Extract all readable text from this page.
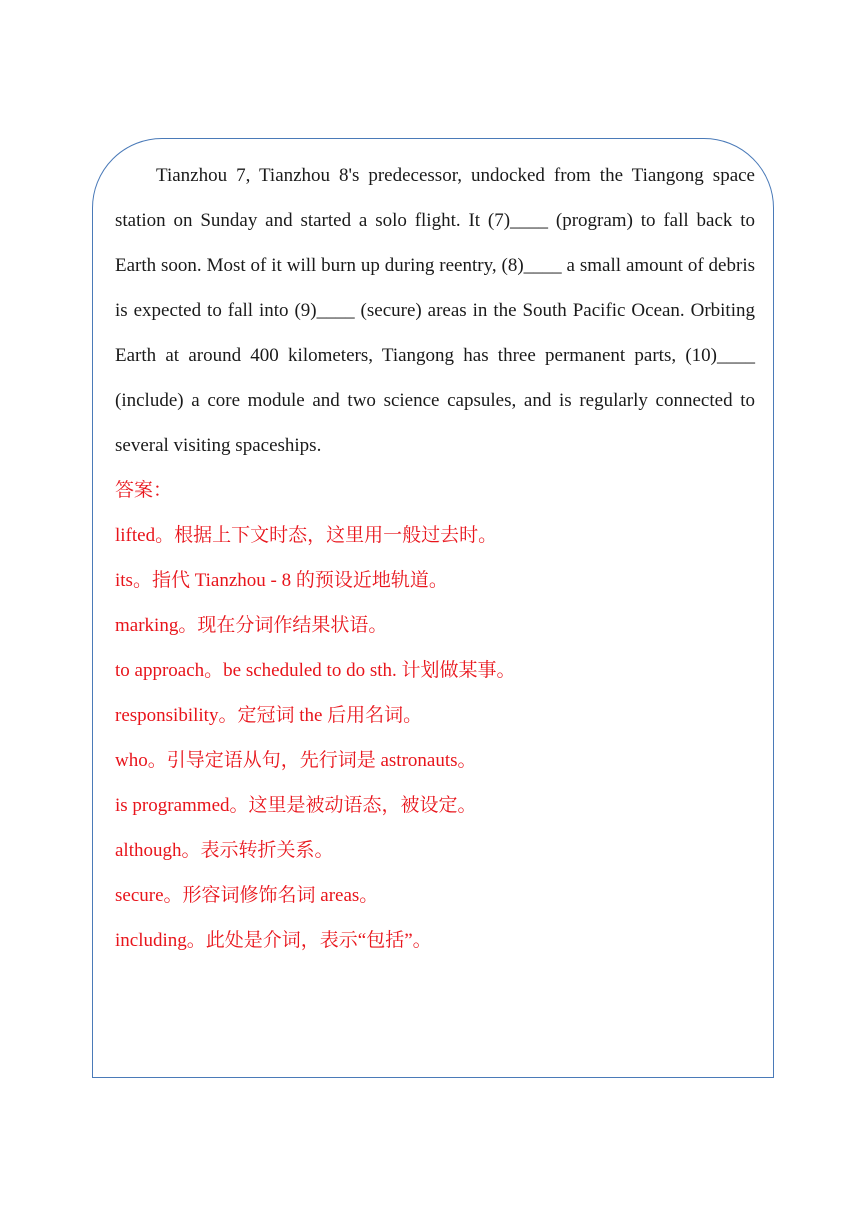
Tianzhou 7, Tianzhou 8's predecessor, undocked from the Tiangong space station on Sunday and started a solo flight. It (7)____ (program) to fall back to Earth soon. Most of it will burn up during reentry, (8)____ a small amount of debris is expected to fall into (9)____ (secure) areas in the South Pacific Ocean. Orbiting Earth at around 400 kilometers, Tiangong has three permanent parts, (10)____ (include) a core module and two science capsules, and is regularly connected to several visiting spaceships.

答案：

lifted。根据上下文时态，这里用一般过去时。
its。指代 Tianzhou - 8 的预设近地轨道。
marking。现在分词作结果状语。
to approach。be scheduled to do sth. 计划做某事。
responsibility。定冠词 the 后用名词。
who。引导定语从句，先行词是 astronauts。
is programmed。这里是被动语态，被设定。
although。表示转折关系。
secure。形容词修饰名词 areas。
including。此处是介词，表示“包括”。
